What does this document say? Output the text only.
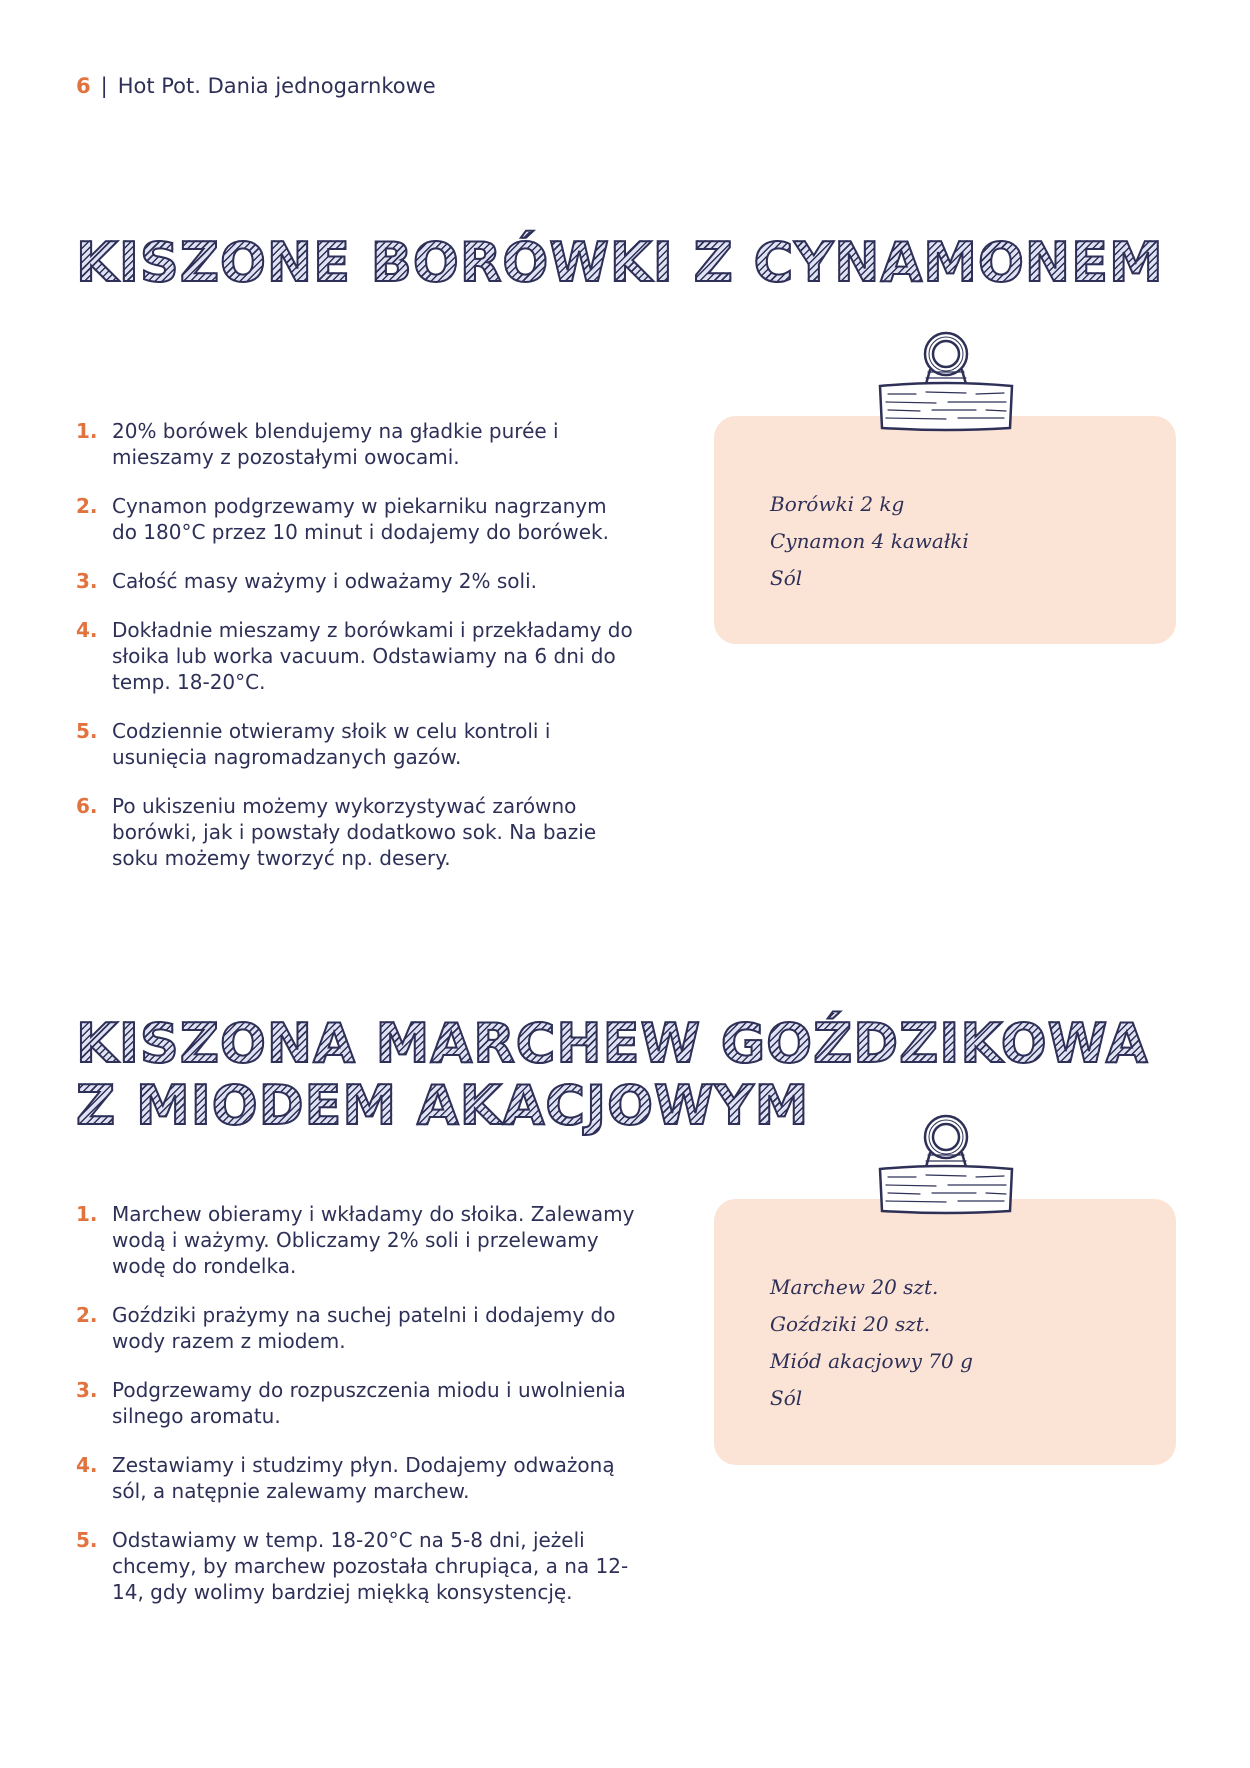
6 | Hot Pot. Dania jednogarnkowe
KISZONE BORÓWKI Z CYNAMONEM
1. 20% borówek blendujemy na gładkie purée i mieszamy z pozostałymi owocami.
2. Cynamon podgrzewamy w piekarniku nagrzanym do 180°C przez 10 minut i dodajemy do borówek.
3. Całość masy ważymy i odważamy 2% soli.
4. Dokładnie mieszamy z borówkami i przekładamy do słoika lub worka vacuum. Odstawiamy na 6 dni do temp. 18-20°C.
5. Codziennie otwieramy słoik w celu kontroli i usunięcia nagromadzanych gazów.
6. Po ukiszeniu możemy wykorzystywać zarówno borówki, jak i powstały dodatkowo sok. Na bazie soku możemy tworzyć np. desery.
Borówki 2 kg
Cynamon 4 kawałki
Sól
KISZONA MARCHEW GOŹDZIKOWA
Z MIODEM AKACJOWYM
1. Marchew obieramy i wkładamy do słoika. Zalewamy wodą i ważymy. Obliczamy 2% soli i przelewamy wodę do rondelka.
2. Goździki prażymy na suchej patelni i dodajemy do wody razem z miodem.
3. Podgrzewamy do rozpuszczenia miodu i uwolnienia silnego aromatu.
4. Zestawiamy i studzimy płyn. Dodajemy odważoną sól, a natępnie zalewamy marchew.
5. Odstawiamy w temp. 18-20°C na 5-8 dni, jeżeli chcemy, by marchew pozostała chrupiąca, a na 12-14, gdy wolimy bardziej miękką konsystencję.
Marchew 20 szt.
Goździki 20 szt.
Miód akacjowy 70 g
Sól
